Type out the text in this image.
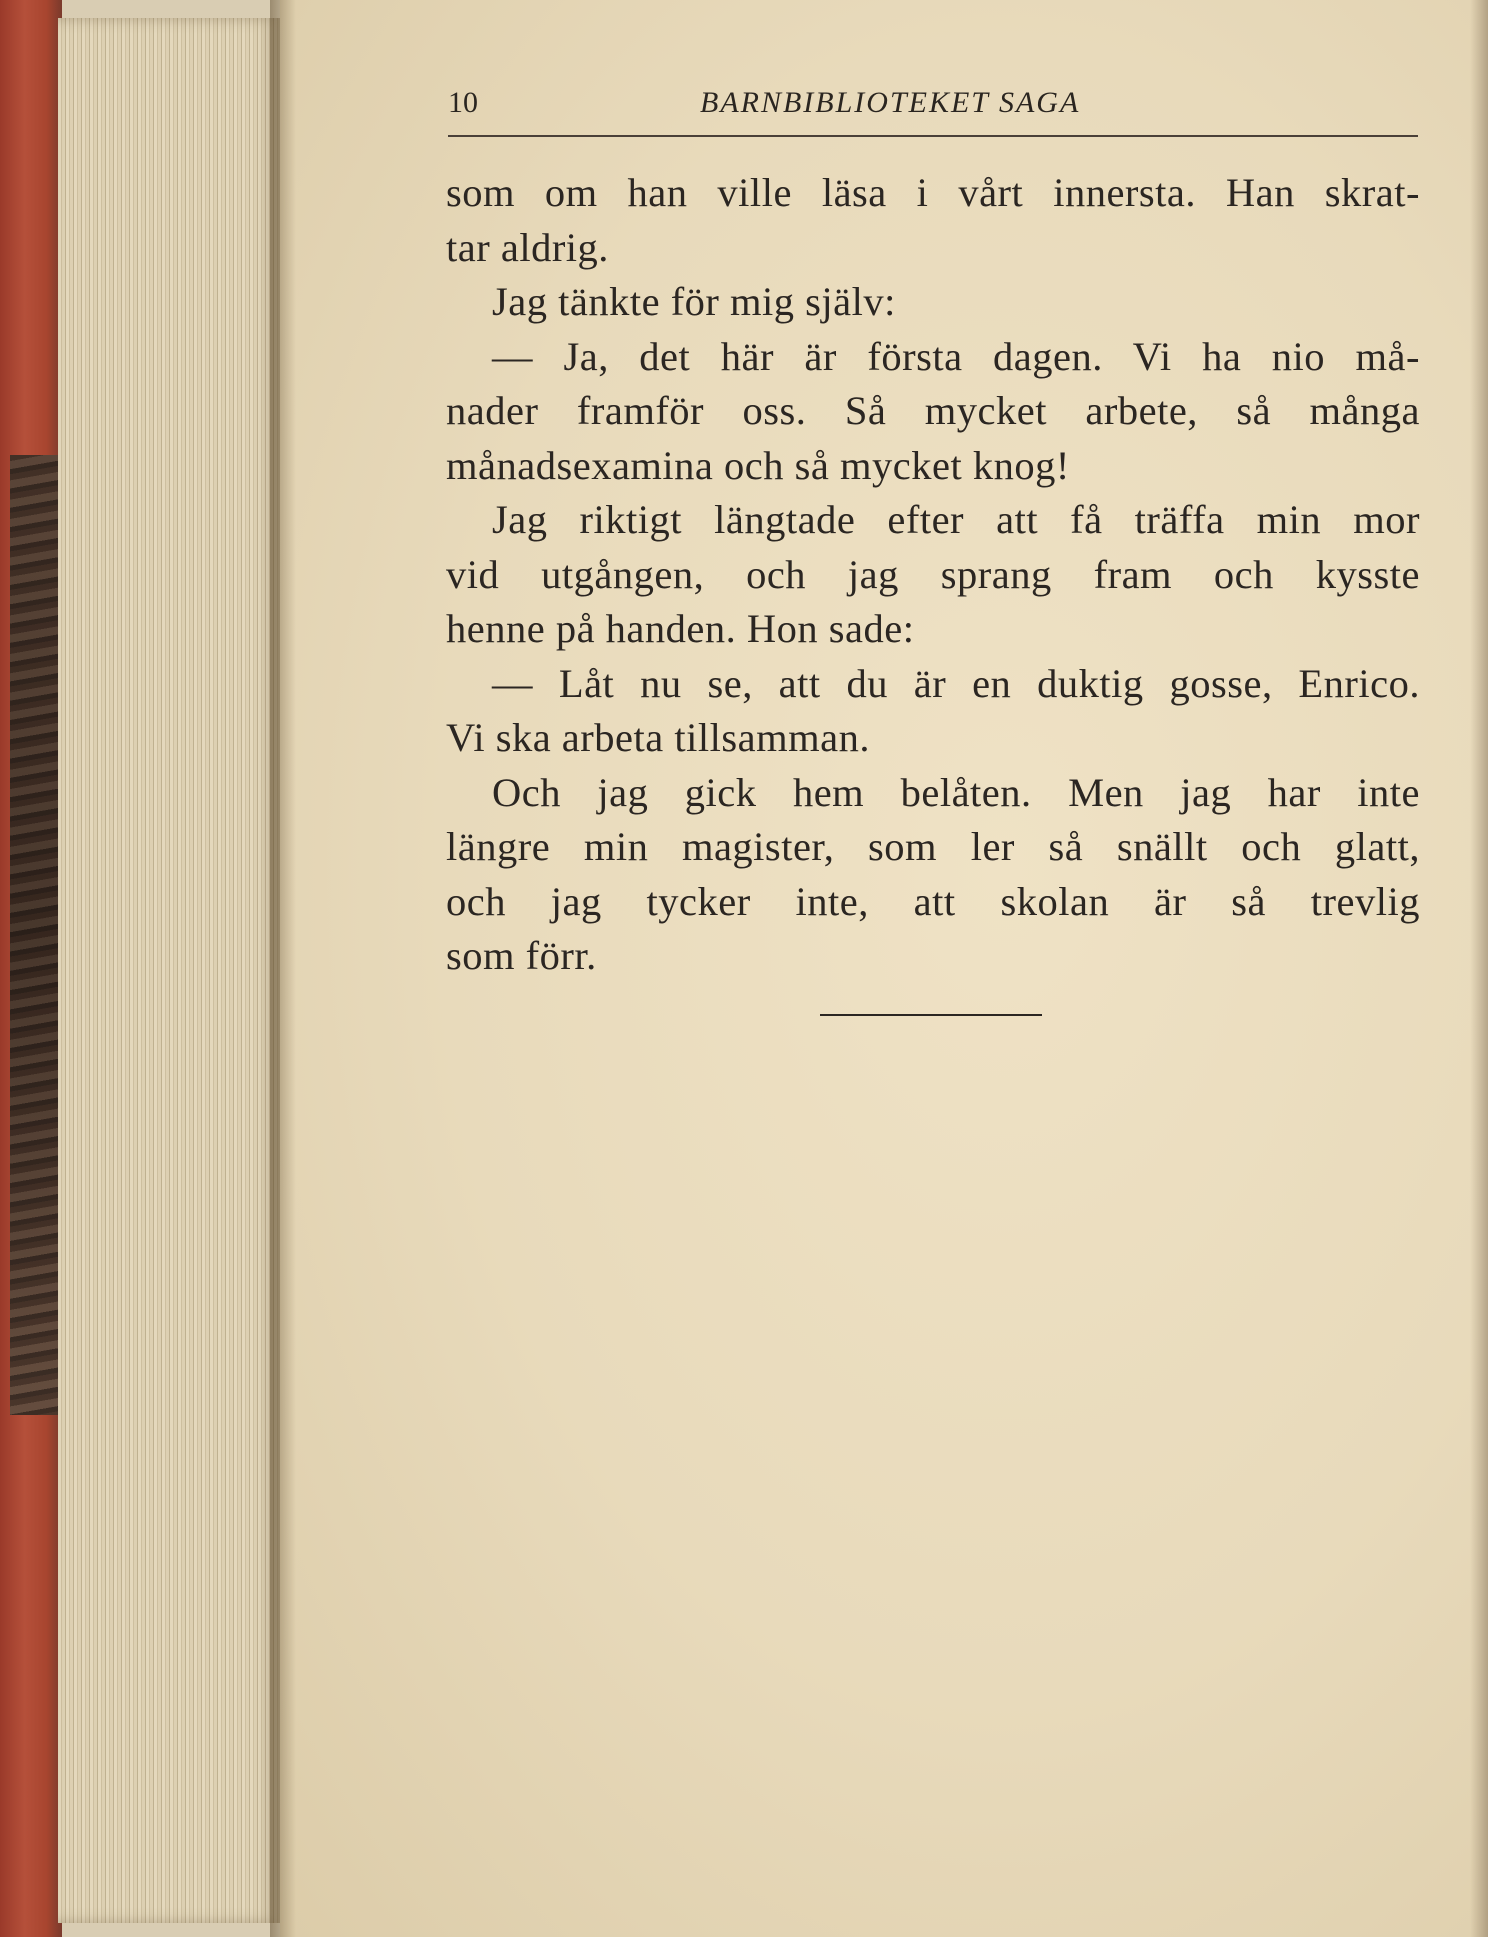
10	BARNBIBLIOTEKET SAGA
som om han ville läsa i vårt innersta. Han skrat-
tar aldrig.
Jag tänkte för mig själv:
— Ja, det här är första dagen. Vi ha nio må-
nader framför oss. Så mycket arbete, så många
månadsexamina och så mycket knog!
Jag riktigt längtade efter att få träffa min mor
vid utgången, och jag sprang fram och kysste
henne på handen. Hon sade:
— Låt nu se, att du är en duktig gosse, Enrico.
Vi ska arbeta tillsamman.
Och jag gick hem belåten. Men jag har inte
längre min magister, som ler så snällt och glatt,
och jag tycker inte, att skolan är så trevlig
som förr.
